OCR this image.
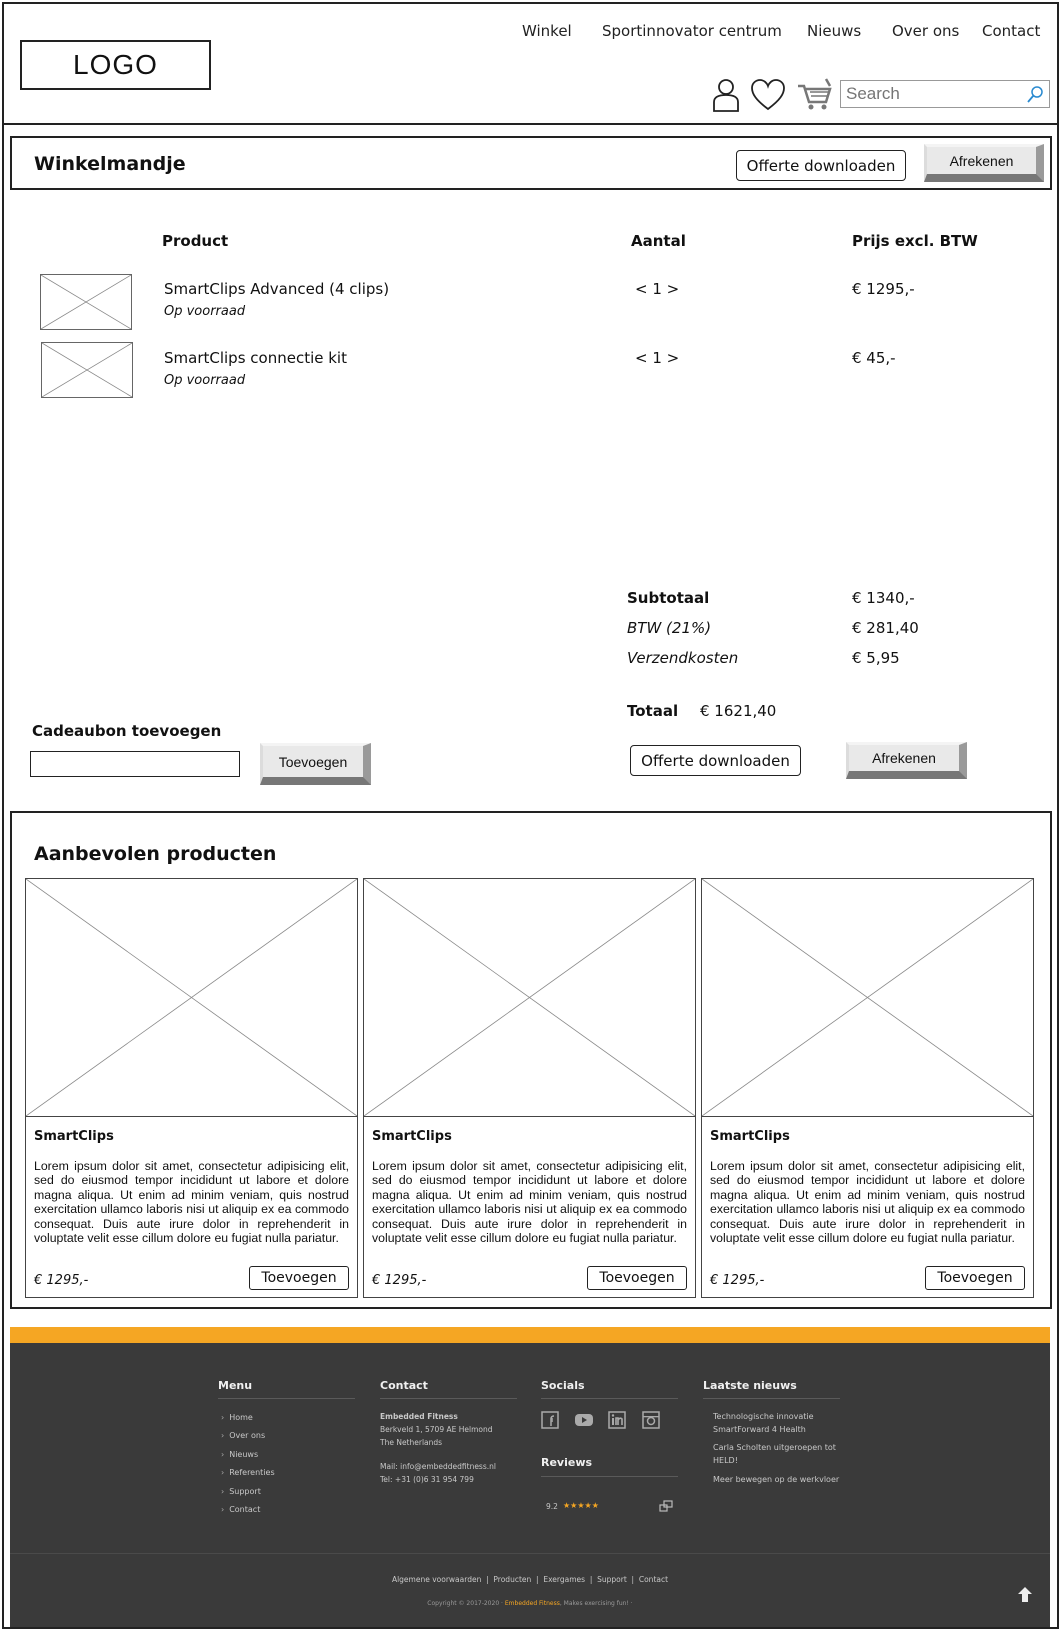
LOGO
Winkel Sportinnovator centrum Nieuws Over ons Contact
Search
Winkelmandje	Offerte downloaden	Afrekenen
Product	Aantal	Prijs excl. BTW
SmartClips Advanced (4 clips)
Op voorraad
< 1 >	€ 1295,-
SmartClips connectie kit
Op voorraad
< 1 >	€ 45,-
Subtotaal	€ 1340,-
BTW (21%)	€ 281,40
Verzendkosten	€ 5,95
Totaal € 1621,40
Cadeaubon toevoegen
Toevoegen	Offerte downloaden	Afrekenen
Aanbevolen producten
SmartClips

Lorem ipsum dolor sit amet, consectetur adipisicing elit, sed do eiusmod tempor incididunt ut labore et dolore magna aliqua. Ut enim ad minim veniam, quis nostrud exercitation ullamco laboris nisi ut aliquip ex ea commodo consequat. Duis aute irure dolor in reprehenderit in voluptate velit esse cillum dolore eu fugiat nulla pariatur.

€ 1295,-	Toevoegen
SmartClips

Lorem ipsum dolor sit amet, consectetur adipisicing elit, sed do eiusmod tempor incididunt ut labore et dolore magna aliqua. Ut enim ad minim veniam, quis nostrud exercitation ullamco laboris nisi ut aliquip ex ea commodo consequat. Duis aute irure dolor in reprehenderit in voluptate velit esse cillum dolore eu fugiat nulla pariatur.

€ 1295,-	Toevoegen
SmartClips

Lorem ipsum dolor sit amet, consectetur adipisicing elit, sed do eiusmod tempor incididunt ut labore et dolore magna aliqua. Ut enim ad minim veniam, quis nostrud exercitation ullamco laboris nisi ut aliquip ex ea commodo consequat. Duis aute irure dolor in reprehenderit in voluptate velit esse cillum dolore eu fugiat nulla pariatur.

€ 1295,-	Toevoegen
Menu
› Home
› Over ons
› Nieuws
› Referenties
› Support
› Contact
Contact
Embedded Fitness
Berkveld 1, 5709 AE Helmond
The Netherlands
Mail: info@embeddedfitness.nl
Tel: +31 (0)6 31 954 799
Socials
Reviews
9.2 ★★★★★
Laatste nieuws
Technologische innovatie SmartForward 4 Health
Carla Scholten uitgeroepen tot HELD!
Meer bewegen op de werkvloer
Algemene voorwaarden  |  Producten  |  Exergames  |  Support  |  Contact
Copyright © 2017-2020 · Embedded Fitness, Makes exercising fun! ·
